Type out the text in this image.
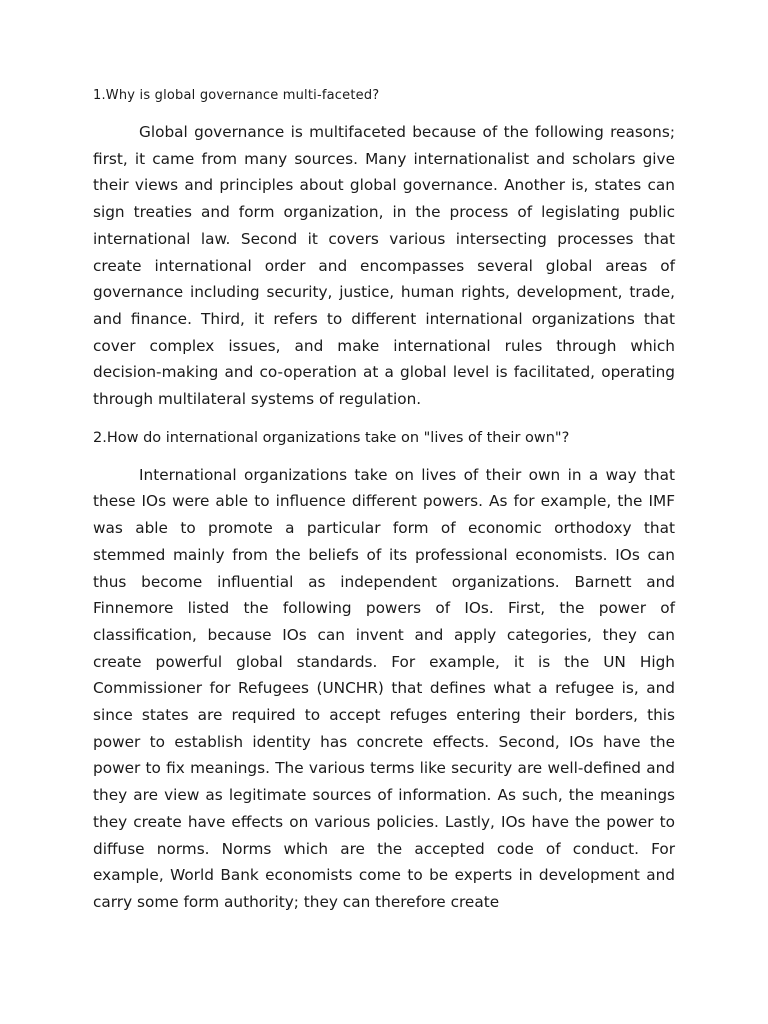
1.Why is global governance multi-faceted?

Global governance is multifaceted because of the following reasons; first, it came from many sources. Many internationalist and scholars give their views and principles about global governance. Another is, states can sign treaties and form organization, in the process of legislating public international law. Second it covers various intersecting processes that create international order and encompasses several global areas of governance including security, justice, human rights, development, trade, and finance. Third, it refers to different international organizations that cover complex issues, and make international rules through which decision-making and co-operation at a global level is facilitated, operating through multilateral systems of regulation.

2.How do international organizations take on "lives of their own"?

International organizations take on lives of their own in a way that these IOs were able to influence different powers. As for example, the IMF was able to promote a particular form of economic orthodoxy that stemmed mainly from the beliefs of its professional economists. IOs can thus become influential as independent organizations. Barnett and Finnemore listed the following powers of IOs. First, the power of classification, because IOs can invent and apply categories, they can create powerful global standards. For example, it is the UN High Commissioner for Refugees (UNCHR) that defines what a refugee is, and since states are required to accept refuges entering their borders, this power to establish identity has concrete effects. Second, IOs have the power to fix meanings. The various terms like security are well-defined and they are view as legitimate sources of information. As such, the meanings they create have effects on various policies. Lastly, IOs have the power to diffuse norms. Norms which are the accepted code of conduct. For example, World Bank economists come to be experts in development and carry some form authority; they can therefore create
